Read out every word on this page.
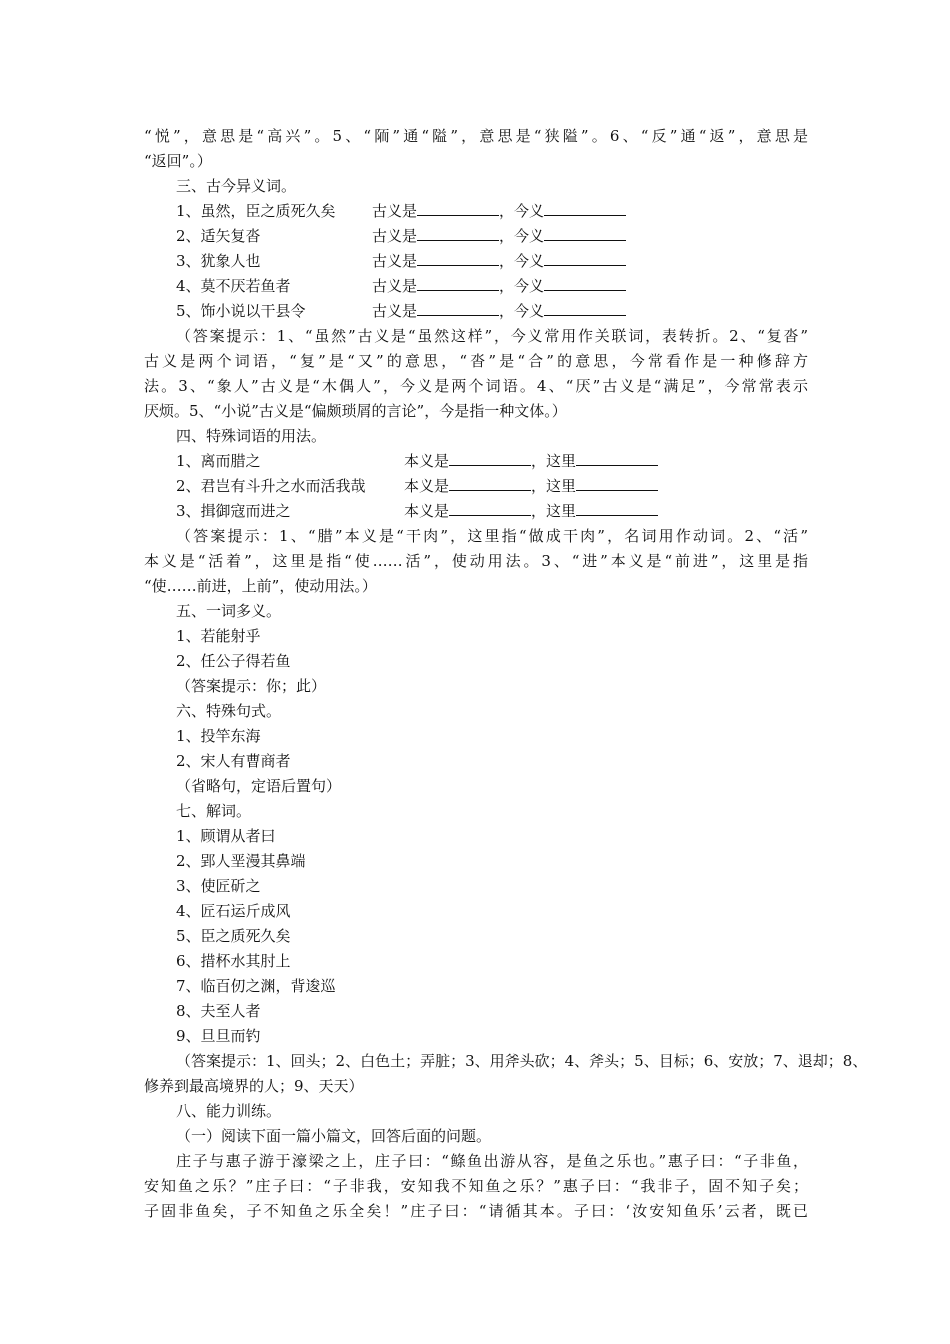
“悦”，意思是“高兴”。5、“陑”通“隘”，意思是“狭隘”。6、“反”通“返”，意思是
“返回”。）
三、古今异义词。
1、虽然，臣之质死久矣 古义是	，今义
2、适矢复沓	古义是	，今义
3、犹象人也	古义是	，今义
4、莫不厌若鱼者	古义是	，今义
5、饰小说以干县令	古义是	，今义
（答案提示：1、“虽然”古义是“虽然这样”，今义常用作关联词，表转折。2、“复沓”
古义是两个词语，“复”是“又”的意思，“沓”是“合”的意思，今常看作是一种修辞方
法。3、“象人”古义是“木偶人”，今义是两个词语。4、“厌”古义是“满足”，今常常表示
厌烦。5、“小说”古义是“偏颇琐屑的言论”，今是指一种文体。）
四、特殊词语的用法。
1、离而腊之	本义是	，这里
2、君岂有斗升之水而活我哉	本义是	，这里
3、揖御寇而进之	本义是	，这里
（答案提示：1、“腊”本义是“干肉”，这里指“做成干肉”，名词用作动词。2、“活”
本义是“活着”，这里是指“使……活”，使动用法。3、“进”本义是“前进”，这里是指
“使……前进，上前”，使动用法。）
五、一词多义。
1、若能射乎
2、任公子得若鱼
（答案提示：你；此）
六、特殊句式。
1、投竿东海
2、宋人有曹商者
（省略句，定语后置句）
七、解词。
1、顾谓从者曰
2、郢人垩漫其鼻端
3、使匠斫之
4、匠石运斤成风
5、臣之质死久矣
6、措杯水其肘上
7、临百仞之渊，背逡巡
8、夫至人者
9、旦旦而钓
（答案提示：1、回头；2、白色土；弄脏；3、用斧头砍；4、斧头；5、目标；6、安放；7、退却；8、
修养到最高境界的人；9、天天）
八、能力训练。
（一）阅读下面一篇小篇文，回答后面的问题。
庄子与惠子游于濠梁之上，庄子曰：“鲦鱼出游从容，是鱼之乐也。”惠子曰：“子非鱼，
安知鱼之乐？”庄子曰：“子非我，安知我不知鱼之乐？”惠子曰：“我非子，固不知子矣；
子固非鱼矣，子不知鱼之乐全矣！”庄子曰：“请循其本。子曰：‘汝安知鱼乐’云者，既已
